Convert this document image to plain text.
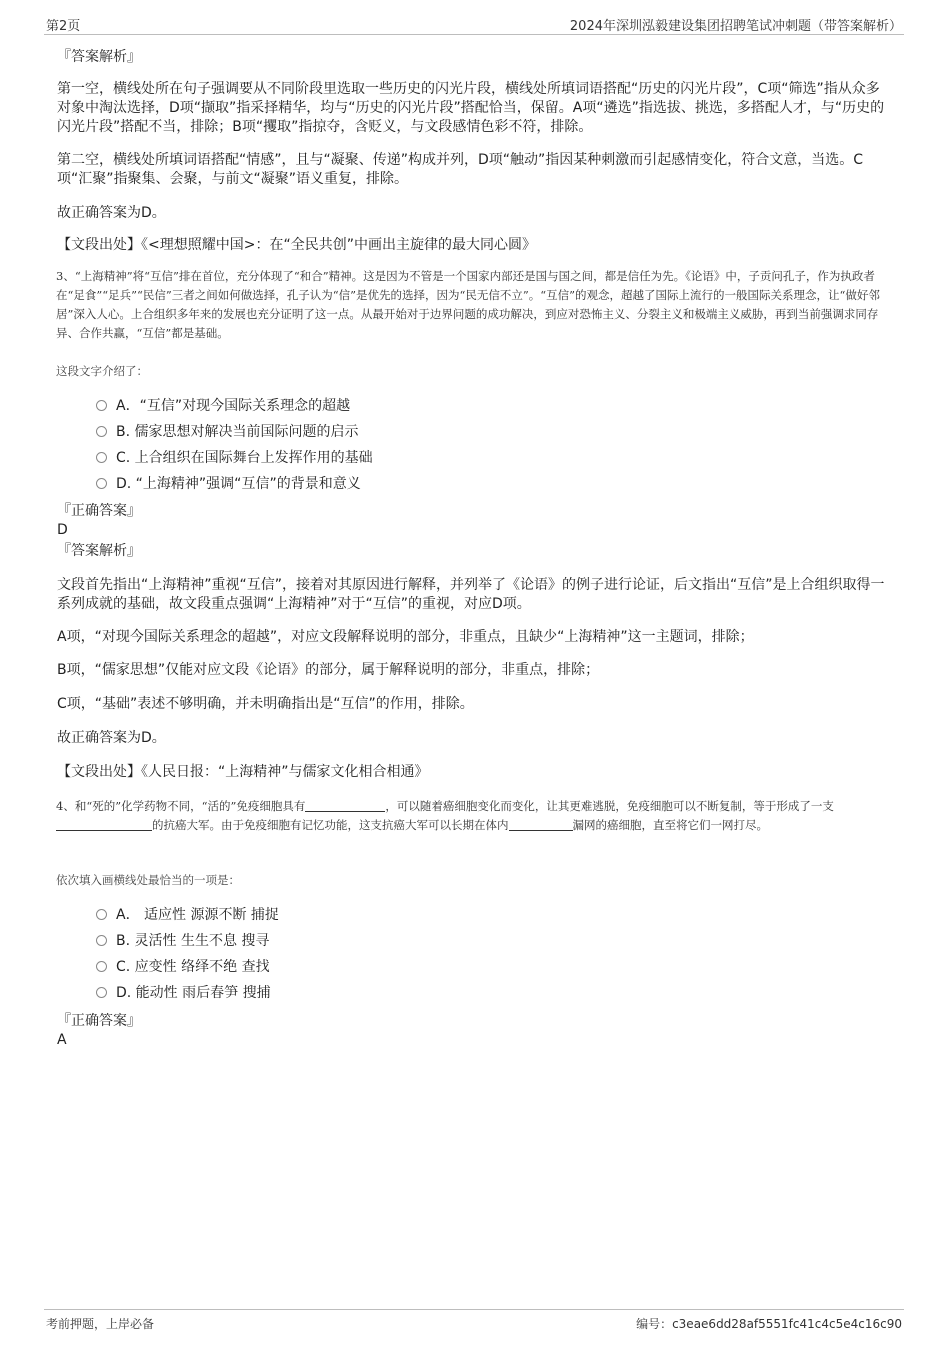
第2页	2024年深圳泓毅建设集团招聘笔试冲刺题（带答案解析）
『答案解析』

第一空，横线处所在句子强调要从不同阶段里选取一些历史的闪光片段，横线处所填词语搭配“历史的闪光片段”，C项“筛选”指从众多对象中淘汰选择，D项“撷取”指采择精华，均与“历史的闪光片段”搭配恰当，保留。A项“遴选”指选拔、挑选，多搭配人才，与“历史的闪光片段”搭配不当，排除；B项“攫取”指掠夺，含贬义，与文段感情色彩不符，排除。

第二空，横线处所填词语搭配“情感”，且与“凝聚、传递”构成并列，D项“触动”指因某种刺激而引起感情变化，符合文意，当选。C项“汇聚”指聚集、会聚，与前文“凝聚”语义重复，排除。

故正确答案为D。
【文段出处】《<理想照耀中国>：在“全民共创”中画出主旋律的最大同心圆》

3、“上海精神”将“互信”排在首位，充分体现了“和合”精神。这是因为不管是一个国家内部还是国与国之间，都是信任为先。《论语》中，子贡问孔子，作为执政者在“足食”“足兵”“民信”三者之间如何做选择，孔子认为“信”是优先的选择，因为“民无信不立”。“互信”的观念，超越了国际上流行的一般国际关系理念，让“做好邻居”深入人心。上合组织多年来的发展也充分证明了这一点。从最开始对于边界问题的成功解决，到应对恐怖主义、分裂主义和极端主义威胁，再到当前强调求同存异、合作共赢，“互信”都是基础。

这段文字介绍了：
A．“互信”对现今国际关系理念的超越
B. 儒家思想对解决当前国际问题的启示
C. 上合组织在国际舞台上发挥作用的基础
D. “上海精神”强调“互信”的背景和意义
『正确答案』
D
『答案解析』

文段首先指出“上海精神”重视“互信”，接着对其原因进行解释，并列举了《论语》的例子进行论证，后文指出“互信”是上合组织取得一系列成就的基础，故文段重点强调“上海精神”对于“互信”的重视，对应D项。

A项，“对现今国际关系理念的超越”，对应文段解释说明的部分，非重点，且缺少“上海精神”这一主题词，排除；
B项，“儒家思想”仅能对应文段《论语》的部分，属于解释说明的部分，非重点，排除；
C项，“基础”表述不够明确，并未明确指出是“互信”的作用，排除。
故正确答案为D。
【文段出处】《人民日报：“上海精神”与儒家文化相合相通》

4、和“死的”化学药物不同，“活的”免疫细胞具有	，可以随着癌细胞变化而变化，让其更难逃脱，免疫细胞可以不断复制，等于形成了一支的抗癌大军。由于免疫细胞有记忆功能，这支抗癌大军可以长期在体内	漏网的癌细胞，直至将它们一网打尽。

依次填入画横线处最恰当的一项是：
A． 适应性 源源不断 捕捉
B. 灵活性 生生不息 搜寻
C. 应变性 络绎不绝 查找
D. 能动性 雨后春笋 搜捕
『正确答案』
A
考前押题，上岸必备	编号：c3eae6dd28af5551fc41c4c5e4c16c90
